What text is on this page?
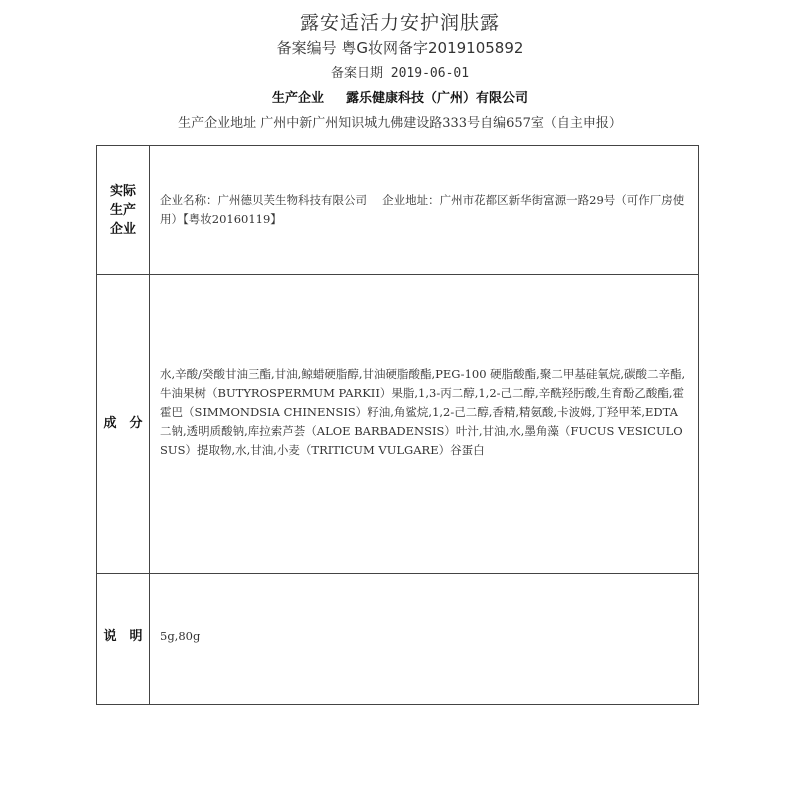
露安适活力安护润肤露
备案编号 粤G妆网备字2019105892
备案日期 2019-06-01
生产企业 露乐健康科技（广州）有限公司
生产企业地址 广州中新广州知识城九佛建设路333号自编657室（自主申报）
实际
生产
企业
企业名称：广州德贝芙生物科技有限公司　 企业地址：广州市花都区新华街富源一路29号（可作厂房使用）【粤妆20160119】
成　分
水,辛酸/癸酸甘油三酯,甘油,鲸蜡硬脂醇,甘油硬脂酸酯,PEG-100 硬脂酸酯,聚二甲基硅氧烷,碳酸二辛酯,牛油果树（BUTYROSPERMUM PARKII）果脂,1,3-丙二醇,1,2-己二醇,辛酰羟肟酸,生育酚乙酸酯,霍霍巴（SIMMONDSIA CHINENSIS）籽油,角鲨烷,1,2-己二醇,香精,精氨酸,卡波姆,丁羟甲苯,EDTA 二钠,透明质酸钠,库拉索芦荟（ALOE BARBADENSIS）叶汁,甘油,水,墨角藻（FUCUS VESICULOSUS）提取物,水,甘油,小麦（TRITICUM VULGARE）谷蛋白
说　明	5g,80g
